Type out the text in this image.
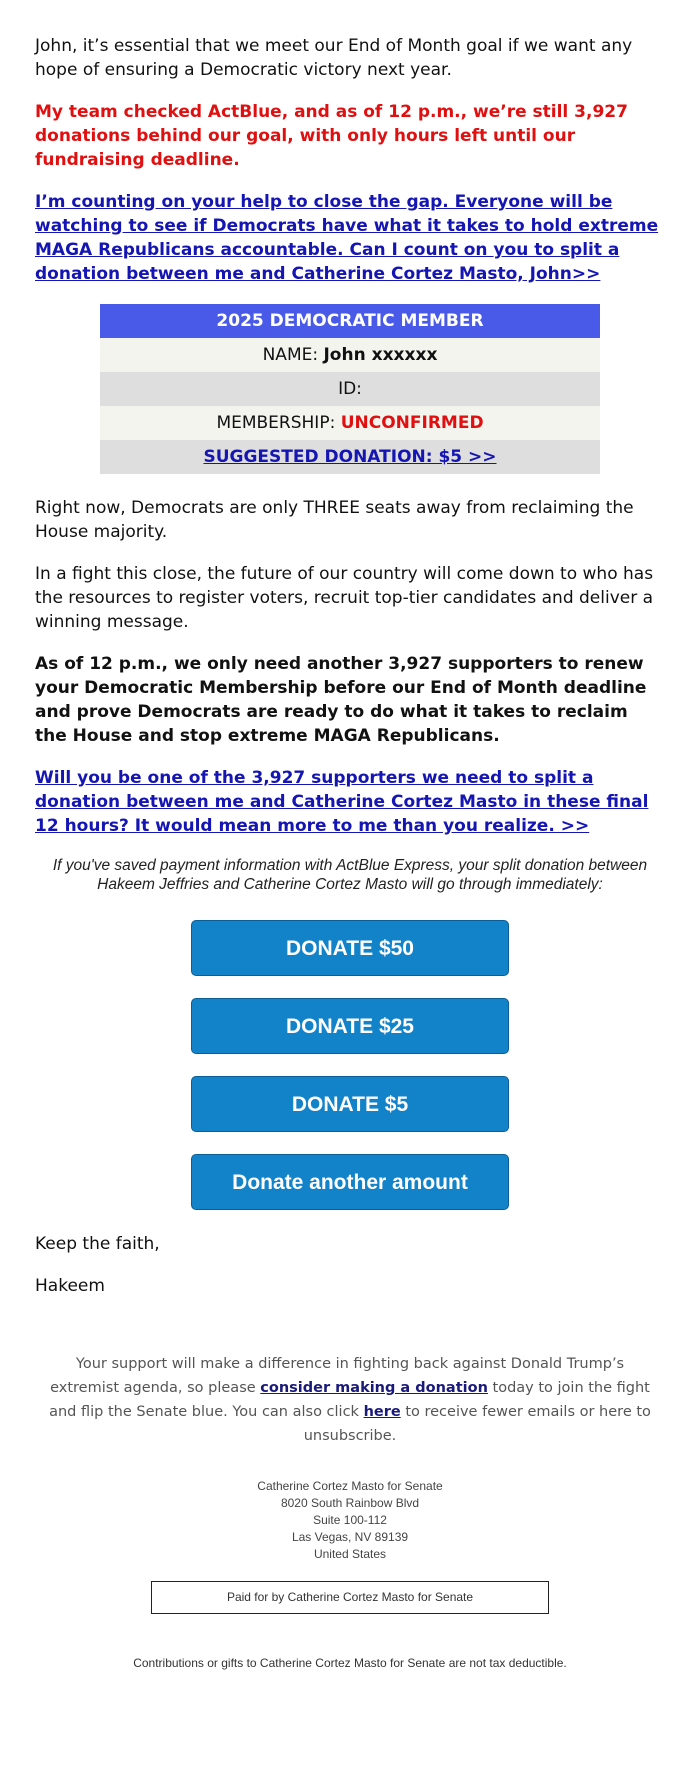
John, it’s essential that we meet our End of Month goal if we want any hope of ensuring a Democratic victory next year.

My team checked ActBlue, and as of 12 p.m., we’re still 3,927 donations behind our goal, with only hours left until our fundraising deadline.

I’m counting on your help to close the gap. Everyone will be watching to see if Democrats have what it takes to hold extreme MAGA Republicans accountable. Can I count on you to split a donation between me and Catherine Cortez Masto, John>>

2025 DEMOCRATIC MEMBER
NAME: John xxxxxx
ID:
MEMBERSHIP: UNCONFIRMED
SUGGESTED DONATION: $5 >>

Right now, Democrats are only THREE seats away from reclaiming the House majority.

In a fight this close, the future of our country will come down to who has the resources to register voters, recruit top-tier candidates and deliver a winning message.

As of 12 p.m., we only need another 3,927 supporters to renew your Democratic Membership before our End of Month deadline and prove Democrats are ready to do what it takes to reclaim the House and stop extreme MAGA Republicans.

Will you be one of the 3,927 supporters we need to split a donation between me and Catherine Cortez Masto in these final 12 hours? It would mean more to me than you realize. >>

If you've saved payment information with ActBlue Express, your split donation between Hakeem Jeffries and Catherine Cortez Masto will go through immediately:

DONATE $50
DONATE $25
DONATE $5
Donate another amount

Keep the faith,

Hakeem

Your support will make a difference in fighting back against Donald Trump’s extremist agenda, so please consider making a donation today to join the fight and flip the Senate blue. You can also click here to receive fewer emails or here to unsubscribe.

Catherine Cortez Masto for Senate
8020 South Rainbow Blvd
Suite 100-112
Las Vegas, NV 89139
United States
Paid for by Catherine Cortez Masto for Senate
Contributions or gifts to Catherine Cortez Masto for Senate are not tax deductible.
